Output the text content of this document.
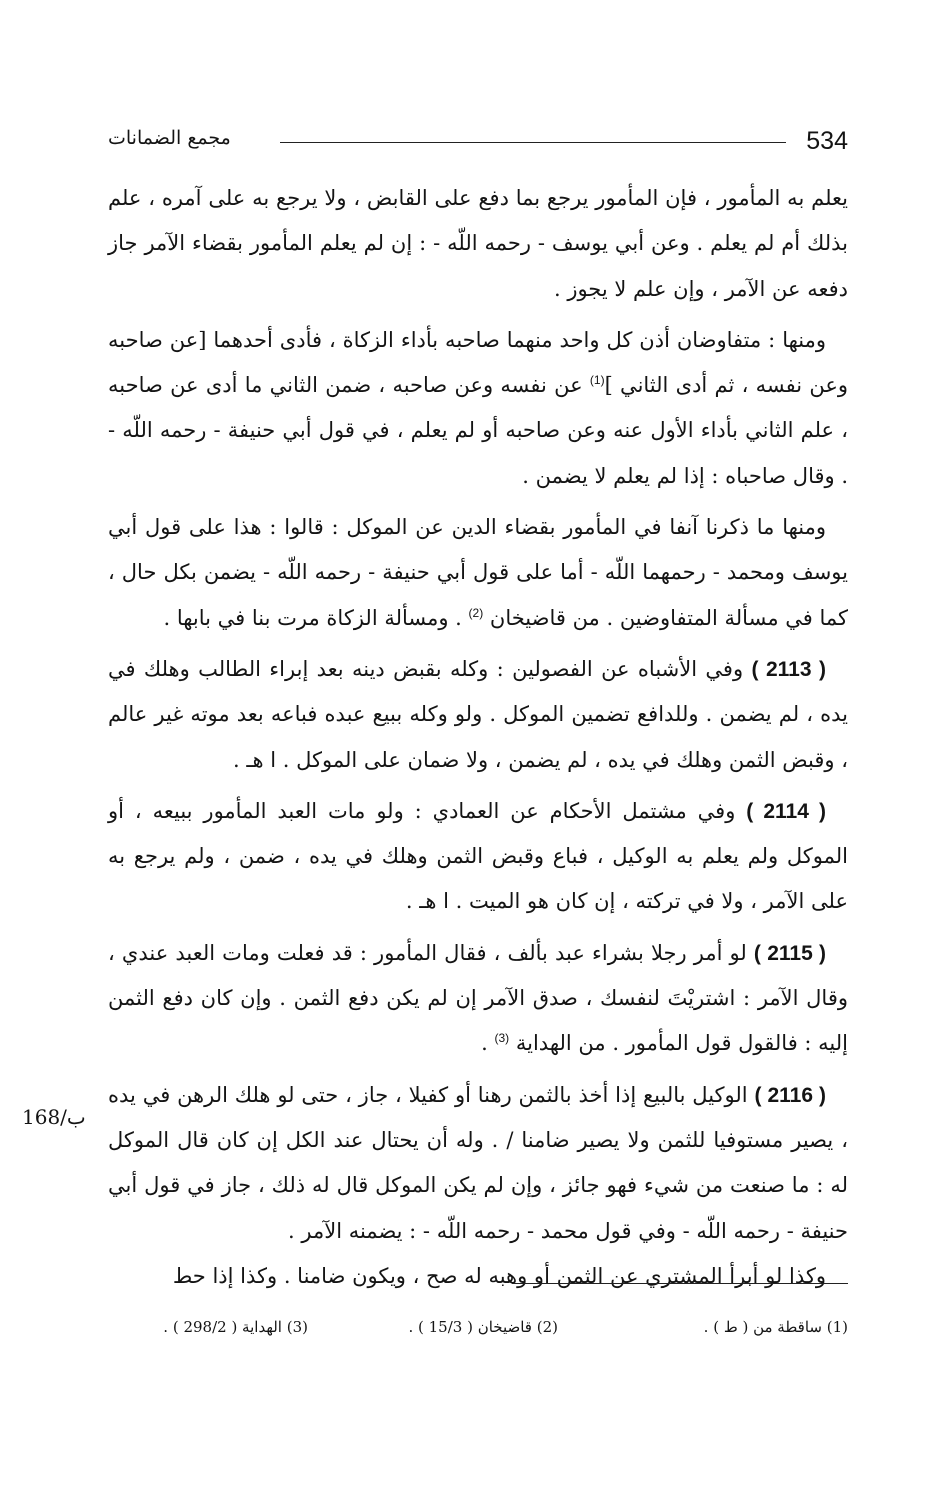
534
مجمع الضمانات

يعلم به المأمور ، فإن المأمور يرجع بما دفع على القابض ، ولا يرجع به على آمره ، علم بذلك أم لم يعلم . وعن أبي يوسف - رحمه اللّه - : إن لم يعلم المأمور بقضاء الآمر جاز دفعه عن الآمر ، وإن علم لا يجوز .

ومنها : متفاوضان أذن كل واحد منهما صاحبه بأداء الزكاة ، فأدى أحدهما [عن صاحبه وعن نفسه ، ثم أدى الثاني ]$^{(1)}$ عن نفسه وعن صاحبه ، ضمن الثاني ما أدى عن صاحبه ، علم الثاني بأداء الأول عنه وعن صاحبه أو لم يعلم ، في قول أبي حنيفة - رحمه اللّه - . وقال صاحباه : إذا لم يعلم لا يضمن .

ومنها ما ذكرنا آنفا في المأمور بقضاء الدين عن الموكل : قالوا : هذا على قول أبي يوسف ومحمد - رحمهما اللّه - أما على قول أبي حنيفة - رحمه اللّه - يضمن بكل حال ، كما في مسألة المتفاوضين . من قاضيخان $^{(2)}$ . ومسألة الزكاة مرت بنا في بابها .

( 2113 ) وفي الأشباه عن الفصولين : وكله بقبض دينه بعد إبراء الطالب وهلك في يده ، لم يضمن . وللدافع تضمين الموكل . ولو وكله ببيع عبده فباعه بعد موته غير عالم ، وقبض الثمن وهلك في يده ، لم يضمن ، ولا ضمان على الموكل . ا هـ .

( 2114 ) وفي مشتمل الأحكام عن العمادي : ولو مات العبد المأمور ببيعه ، أو الموكل ولم يعلم به الوكيل ، فباع وقبض الثمن وهلك في يده ، ضمن ، ولم يرجع به على الآمر ، ولا في تركته ، إن كان هو الميت . ا هـ .

( 2115 ) لو أمر رجلا بشراء عبد بألف ، فقال المأمور : قد فعلت ومات العبد عندي ، وقال الآمر : اشتريْتَ لنفسك ، صدق الآمر إن لم يكن دفع الثمن . وإن كان دفع الثمن إليه : فالقول قول المأمور . من الهداية $^{(3)}$ .

( 2116 ) الوكيل بالبيع إذا أخذ بالثمن رهنا أو كفيلا ، جاز ، حتى لو هلك الرهن في يده ، يصير مستوفيا للثمن ولا يصير ضامنا / . وله أن يحتال عند الكل إن كان قال الموكل له : ما صنعت من شيء فهو جائز ، وإن لم يكن الموكل قال له ذلك ، جاز في قول أبي حنيفة - رحمه اللّه - وفي قول محمد - رحمه اللّه - : يضمنه الآمر .

وكذا لو أبرأ المشتري عن الثمن أو وهبه له صح ، ويكون ضامنا . وكذا إذا حط

168/ب
(1) ساقطة من ( ط ) .
(2) قاضيخان ( 15/3 ) .
(3) الهداية ( 298/2 ) .
